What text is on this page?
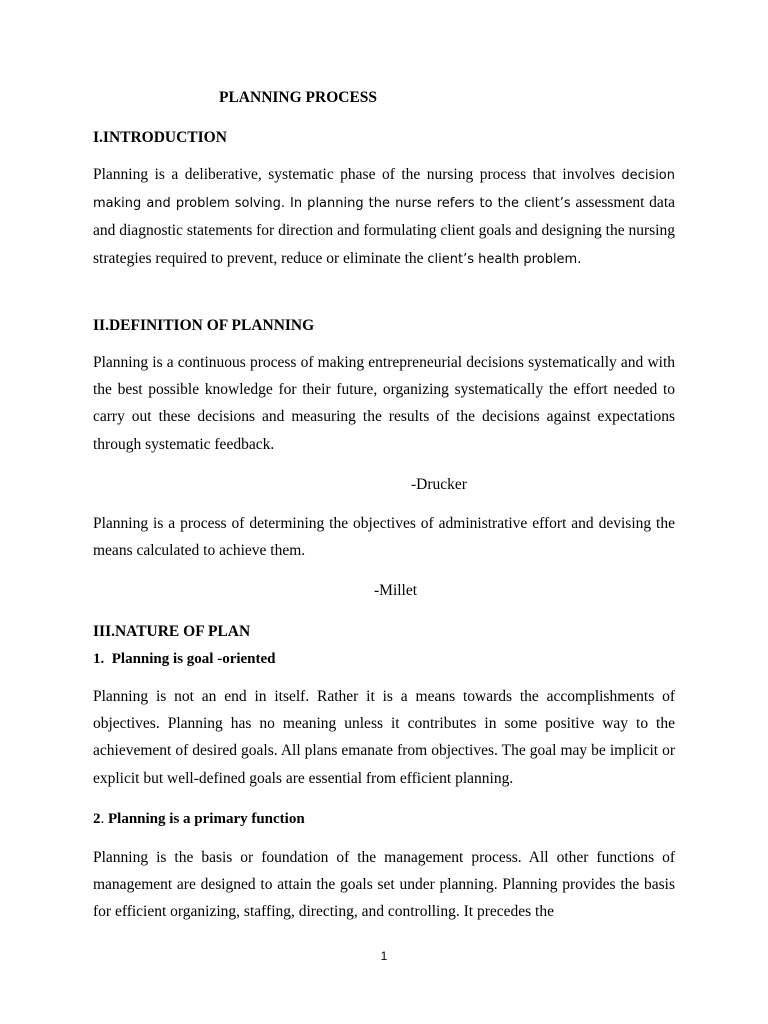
PLANNING PROCESS

I.INTRODUCTION

Planning is a deliberative, systematic phase of the nursing process that involves decision making and problem solving. In planning the nurse refers to the client’s assessment data and diagnostic statements for direction and formulating client goals and designing the nursing strategies required to prevent, reduce or eliminate the client’s health problem.

II.DEFINITION OF PLANNING

Planning is a continuous process of making entrepreneurial decisions systematically and with the best possible knowledge for their future, organizing systematically the effort needed to carry out these decisions and measuring the results of the decisions against expectations through systematic feedback.

-Drucker

Planning is a process of determining the objectives of administrative effort and devising the means calculated to achieve them.

-Millet

III.NATURE OF PLAN

1. Planning is goal -oriented

Planning is not an end in itself. Rather it is a means towards the accomplishments of objectives. Planning has no meaning unless it contributes in some positive way to the achievement of desired goals. All plans emanate from objectives. The goal may be implicit or explicit but well-defined goals are essential from efficient planning.

2. Planning is a primary function

Planning is the basis or foundation of the management process. All other functions of management are designed to attain the goals set under planning. Planning provides the basis for efficient organizing, staffing, directing, and controlling. It precedes the

1
